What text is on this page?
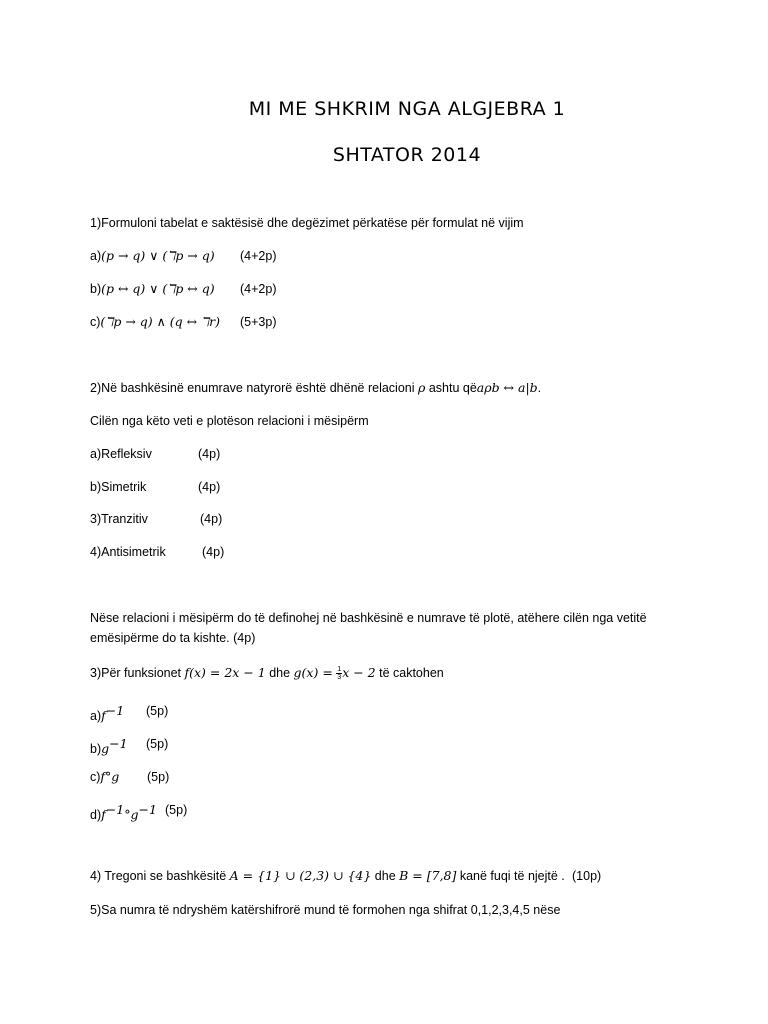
MI ME SHKRIM NGA ALGJEBRA 1
SHTATOR 2014
1)Formuloni tabelat e saktësisë dhe degëzimet përkatëse për formulat në vijim
a)(p → q) ∨ (ℸp → q) (4+2p)
b)(p ↔ q) ∨ (ℸp ↔ q) (4+2p)
c)(ℸp → q) ∧ (q ↔ ℸr) (5+3p)
2)Në bashkësinë enumrave natyrorë është dhënë relacioni ρ ashtu qëaρb ↔ a|b.
Cilën nga këto veti e plotëson relacioni i mësipërm
a)Refleksiv	(4p)
b)Simetrik	(4p)
3)Tranzitiv	(4p)
4)Antisimetrik	(4p)
Nëse relacioni i mësipërm do të definohej në bashkësinë e numrave të plotë, atëhere cilën nga vetitë
emësipërme do ta kishte. (4p)
3)Për funksionet f(x) = 2x − 1 dhe $g(x) = \frac{1}{3}$ x − 2 të caktohen
$a)f^{-1}$ (5p)
$b)g^{-1}$ (5p)
c)f°g (5p)
$d)f^{-1}^\circ g^{-1}$ (5p)
4) Tregoni se bashkësitë A = {1} ∪ (2,3) ∪ {4} dhe B = [7,8] kanë fuqi të njejtë . (10p)
5)Sa numra të ndryshëm katërshifrorë mund të formohen nga shifrat 0,1,2,3,4,5 nëse
